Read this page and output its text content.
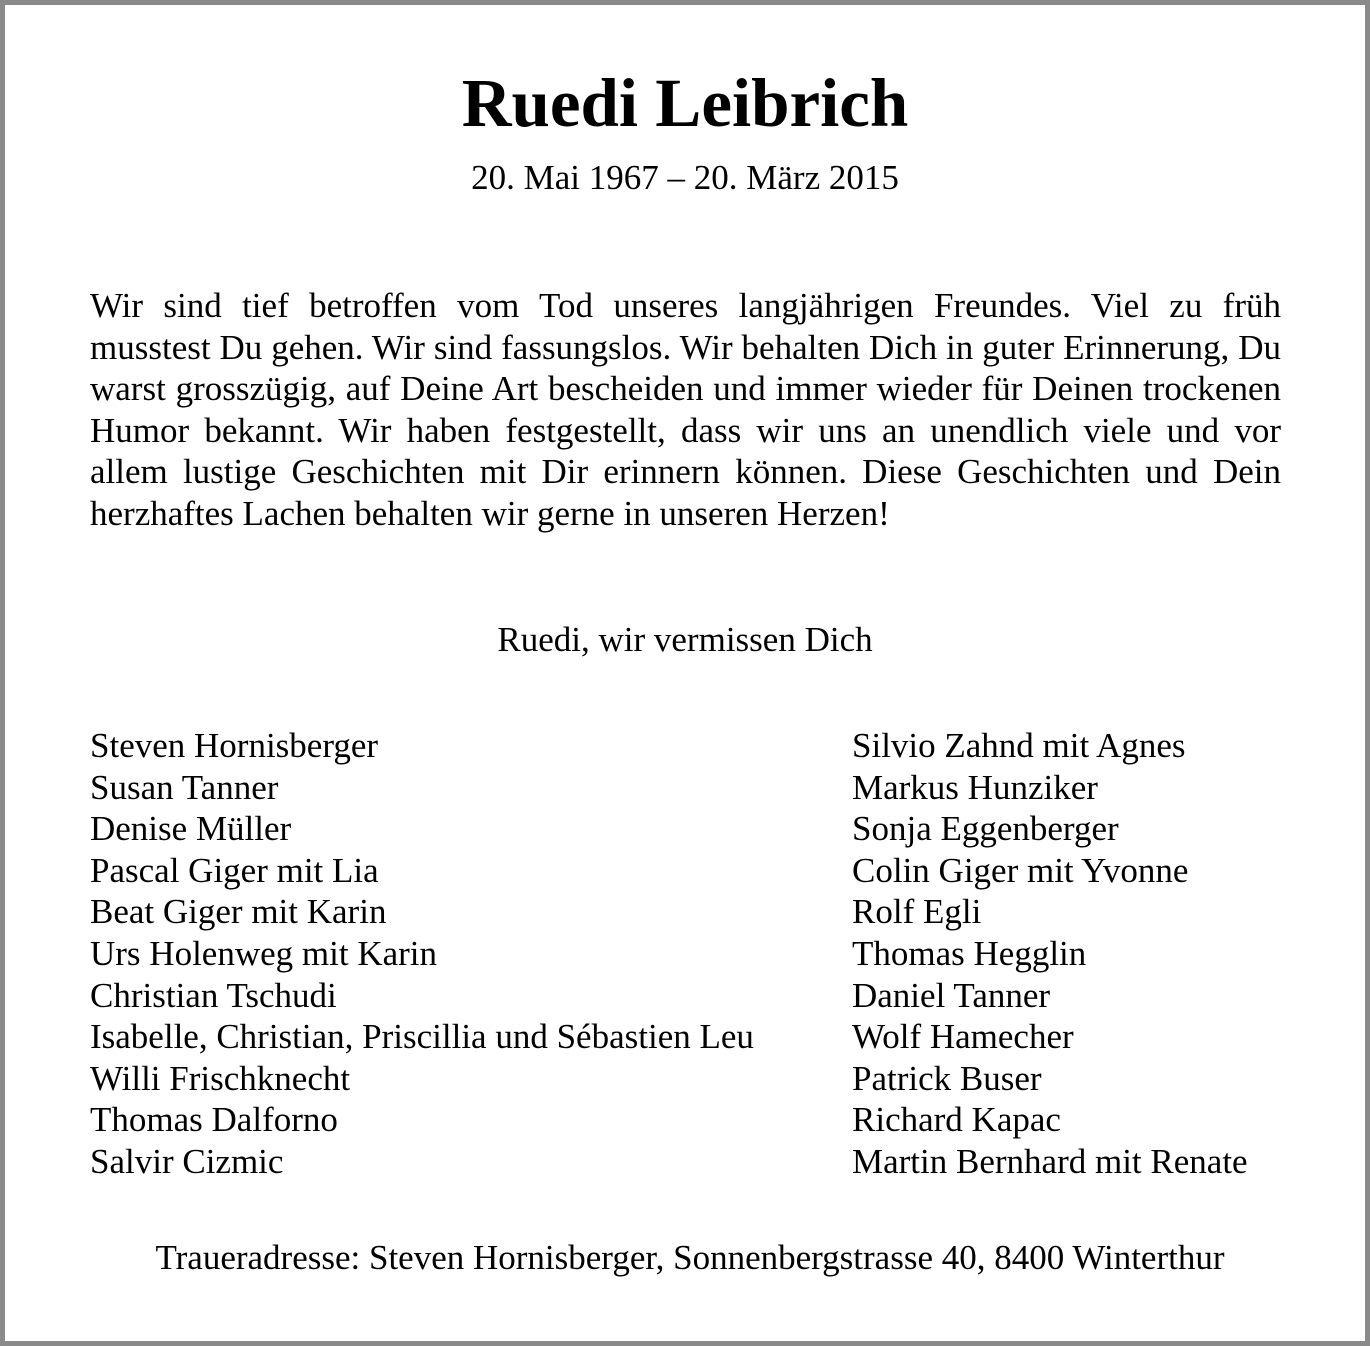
Ruedi Leibrich
20. Mai 1967 – 20. März 2015

Wir sind tief betroffen vom Tod unseres langjährigen Freundes. Viel zu früh musstest Du gehen. Wir sind fassungslos. Wir behalten Dich in guter Erinnerung, Du warst grosszügig, auf Deine Art bescheiden und immer wieder für Deinen trockenen Humor bekannt. Wir haben festgestellt, dass wir uns an unendlich viele und vor allem lustige Geschichten mit Dir erinnern können. Diese Geschichten und Dein herzhaftes Lachen behalten wir gerne in unseren Herzen!

Ruedi, wir vermissen Dich
Steven Hornisberger
Susan Tanner
Denise Müller
Pascal Giger mit Lia
Beat Giger mit Karin
Urs Holenweg mit Karin
Christian Tschudi
Isabelle, Christian, Priscillia und Sébastien Leu
Willi Frischknecht
Thomas Dalforno
Salvir Cizmic
Silvio Zahnd mit Agnes
Markus Hunziker
Sonja Eggenberger
Colin Giger mit Yvonne
Rolf Egli
Thomas Hegglin
Daniel Tanner
Wolf Hamecher
Patrick Buser
Richard Kapac
Martin Bernhard mit Renate
Traueradresse: Steven Hornisberger, Sonnenbergstrasse 40, 8400 Winterthur
